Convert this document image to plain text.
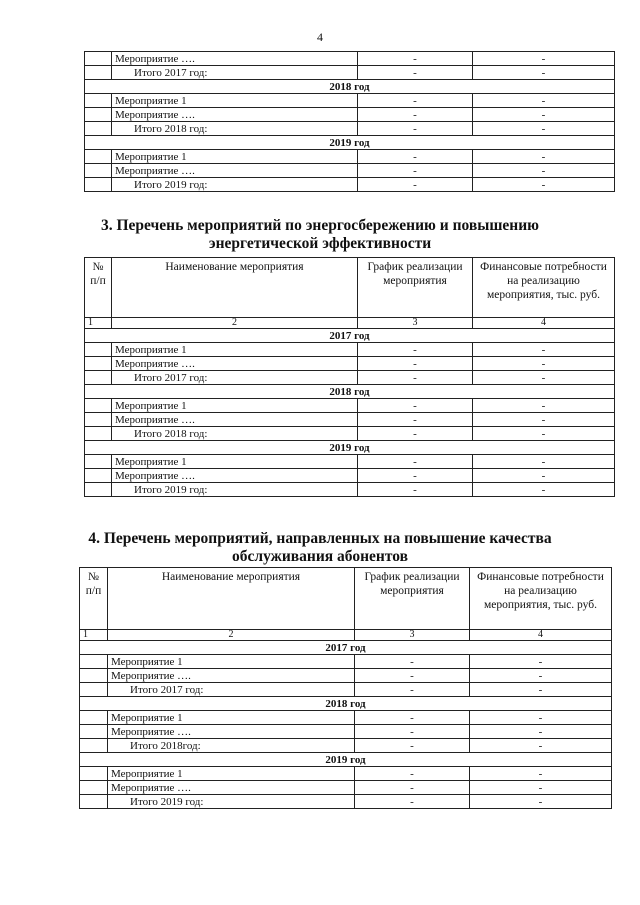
4
	Мероприятие ….	-	-
	Итого 2017 год:	-	-
2018 год			
	Мероприятие 1	-	-
	Мероприятие ….	-	-
	Итого 2018 год:	-	-
2019 год			
	Мероприятие 1	-	-
	Мероприятие ….	-	-
	Итого 2019 год:	-	-
3. Перечень мероприятий по энергосбережению и повышению
энергетической эффективности
№ п/п	Наименование мероприятия	График реализации мероприятия	Финансовые потребности на реализацию мероприятия, тыс. руб.
1	2	3	4
2017 год			
	Мероприятие 1	-	-
	Мероприятие ….	-	-
	Итого 2017 год:	-	-
2018 год			
	Мероприятие 1	-	-
	Мероприятие ….	-	-
	Итого 2018 год:	-	-
2019 год			
	Мероприятие 1	-	-
	Мероприятие ….	-	-
	Итого 2019 год:	-	-
4. Перечень мероприятий, направленных на повышение качества
обслуживания абонентов
№ п/п	Наименование мероприятия	График реализации мероприятия	Финансовые потребности на реализацию мероприятия, тыс. руб.
1	2	3	4
2017 год			
	Мероприятие 1	-	-
	Мероприятие ….	-	-
	Итого 2017 год:	-	-
2018 год			
	Мероприятие 1	-	-
	Мероприятие ….	-	-
	Итого 2018год:	-	-
2019 год			
	Мероприятие 1	-	-
	Мероприятие ….	-	-
	Итого 2019 год:	-	-
